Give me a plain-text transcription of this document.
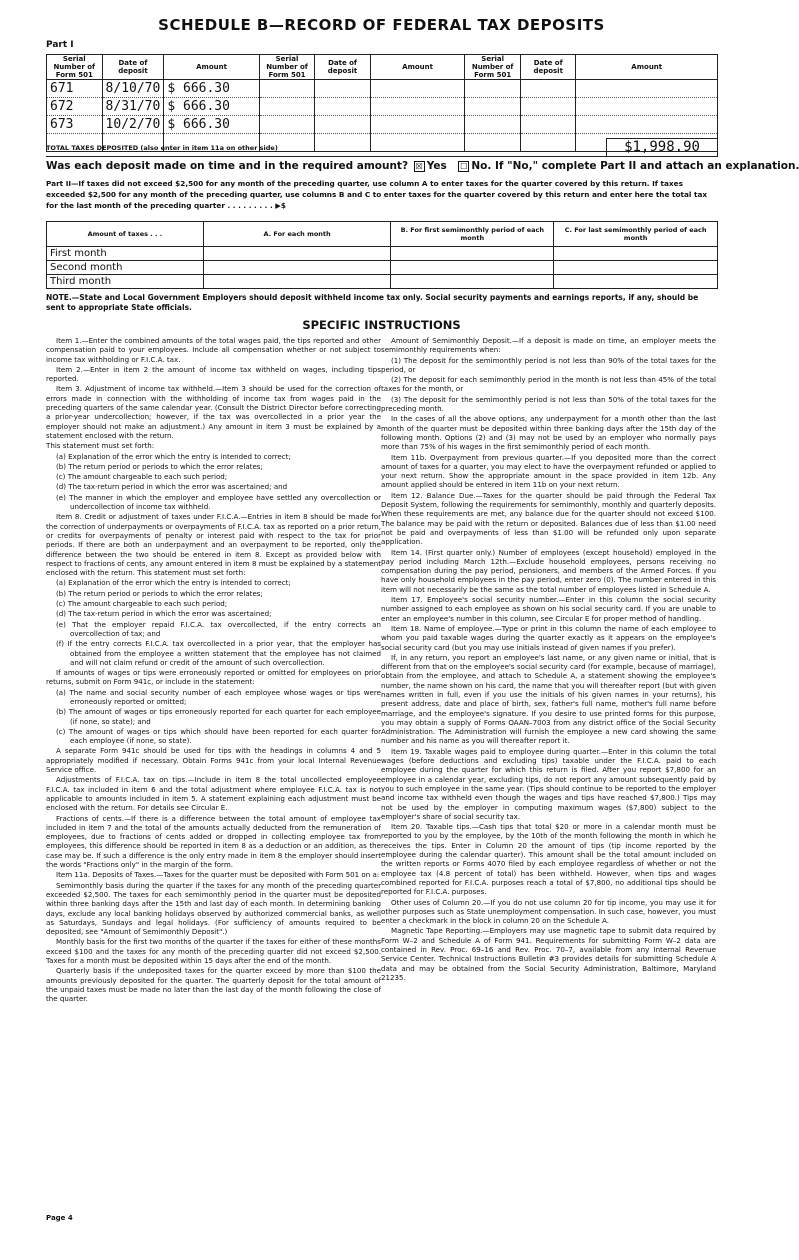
SCHEDULE B—RECORD OF FEDERAL TAX DEPOSITS
Part I
Serial Number of Form 501	Date of deposit	Amount	Serial Number of Form 501	Date of deposit	Amount	Serial Number of Form 501	Date of deposit	Amount
671	8/10/70	$ 666.30						
672	8/31/70	$ 666.30						
673	10/2/70	$ 666.30						

TOTAL TAXES DEPOSITED (also enter in item 11a on other side)	$1,998.90
Was each deposit made on time and in the required amount? ☒ Yes ☐ No. If "No," complete Part II and attach an explanation.
Part II—If taxes did not exceed $2,500 for any month of the preceding quarter, use column A to enter taxes for the quarter covered by this return. If taxes exceeded $2,500 for any month of the preceding quarter, use columns B and C to enter taxes for the quarter covered by this return and enter here the total tax for the last month of the preceding quarter . . . . . . . . . ▶$
Amount of taxes . . .	A. For each month	B. For first semimonthly period of each month	C. For last semimonthly period of each month
First month			
Second month			
Third month			
NOTE.—State and Local Government Employers should deposit withheld income tax only. Social security payments and earnings reports, if any, should be sent to appropriate State officials.
SPECIFIC INSTRUCTIONS

Item 1.—Enter the combined amounts of the total wages paid, the tips reported and other compensation paid to your employees. Include all compensation whether or not subject to income tax withholding or F.I.C.A. tax.

Item 2.—Enter in item 2 the amount of income tax withheld on wages, including tips reported.

Item 3. Adjustment of income tax withheld.—Item 3 should be used for the correction of errors made in connection with the withholding of income tax from wages paid in the preceding quarters of the same calendar year. (Consult the District Director before correcting a prior-year undercollection; however, if the tax was overcollected in a prior year the employer should not make an adjustment.) Any amount in item 3 must be explained by a statement enclosed with the return.

This statement must set forth:

(a) Explanation of the error which the entry is intended to correct;

(b) The return period or periods to which the error relates;

(c) The amount chargeable to each such period;

(d) The tax-return period in which the error was ascertained; and

(e) The manner in which the employer and employee have settled any overcollection or undercollection of income tax withheld.

Item 8. Credit or adjustment of taxes under F.I.C.A.—Entries in item 8 should be made for the correction of underpayments or overpayments of F.I.C.A. tax as reported on a prior return, or credits for overpayments of penalty or interest paid with respect to the tax for prior periods. If there are both an underpayment and an overpayment to be reported, only the difference between the two should be entered in item 8. Except as provided below with respect to fractions of cents, any amount entered in item 8 must be explained by a statement enclosed with the return. This statement must set forth:

(a) Explanation of the error which the entry is intended to correct;

(b) The return period or periods to which the error relates;

(c) The amount chargeable to each such period;

(d) The tax-return period in which the error was ascertained;

(e) That the employer repaid F.I.C.A. tax overcollected, if the entry corrects an overcollection of tax; and

(f) If the entry corrects F.I.C.A. tax overcollected in a prior year, that the employer has obtained from the employee a written statement that the employee has not claimed and will not claim refund or credit of the amount of such overcollection.

If amounts of wages or tips were erroneously reported or omitted for employees on prior returns, submit on Form 941c, or include in the statement:

(a) The name and social security number of each employee whose wages or tips were erroneously reported or omitted;

(b) The amount of wages or tips erroneously reported for each quarter for each employee (if none, so state); and

(c) The amount of wages or tips which should have been reported for each quarter for each employee (if none, so state).

A separate Form 941c should be used for tips with the headings in columns 4 and 5 appropriately modified if necessary. Obtain Forms 941c from your local Internal Revenue Service office.

Adjustments of F.I.C.A. tax on tips.—Include in item 8 the total uncollected employee F.I.C.A. tax included in item 6 and the total adjustment where employee F.I.C.A. tax is not applicable to amounts included in item 5. A statement explaining each adjustment must be enclosed with the return. For details see Circular E.

Fractions of cents.—If there is a difference between the total amount of employee tax included in item 7 and the total of the amounts actually deducted from the remuneration of employees, due to fractions of cents added or dropped in collecting employee tax from employees, this difference should be reported in item 8 as a deduction or an addition, as the case may be. If such a difference is the only entry made in item 8 the employer should insert the words "Fractions only" in the margin of the form.

Item 11a. Deposits of Taxes.—Taxes for the quarter must be deposited with Form 501 on a:

Semimonthly basis during the quarter if the taxes for any month of the preceding quarter exceeded $2,500. The taxes for each semimonthly period in the quarter must be deposited within three banking days after the 15th and last day of each month. In determining banking days, exclude any local banking holidays observed by authorized commercial banks, as well as Saturdays, Sundays and legal holidays. (For sufficiency of amounts required to be deposited, see "Amount of Semimonthly Deposit".)

Monthly basis for the first two months of the quarter if the taxes for either of these months exceed $100 and the taxes for any month of the preceding quarter did not exceed $2,500. Taxes for a month must be deposited within 15 days after the end of the month.

Quarterly basis if the undeposited taxes for the quarter exceed by more than $100 the amounts previously deposited for the quarter. The quarterly deposit for the total amount of the unpaid taxes must be made no later than the last day of the month following the close of the quarter.

Amount of Semimonthly Deposit.—If a deposit is made on time, an employer meets the semimonthly requirements when:

(1) The deposit for the semimonthly period is not less than 90% of the total taxes for the period, or

(2) The deposit for each semimonthly period in the month is not less than 45% of the total taxes for the month, or

(3) The deposit for the semimonthly period is not less than 50% of the total taxes for the preceding month.

In the cases of all the above options, any underpayment for a month other than the last month of the quarter must be deposited within three banking days after the 15th day of the following month. Options (2) and (3) may not be used by an employer who normally pays more than 75% of his wages in the first semimonthly period of each month.

Item 11b. Overpayment from previous quarter.—If you deposited more than the correct amount of taxes for a quarter, you may elect to have the overpayment refunded or applied to your next return. Show the appropriate amount in the space provided in item 12b. Any amount applied should be entered in item 11b on your next return.

Item 12. Balance Due.—Taxes for the quarter should be paid through the Federal Tax Deposit System, following the requirements for semimonthly, monthly and quarterly deposits. When these requirements are met, any balance due for the quarter should not exceed $100. The balance may be paid with the return or deposited. Balances due of less than $1.00 need not be paid and overpayments of less than $1.00 will be refunded only upon separate application.

Item 14. (First quarter only.) Number of employees (except household) employed in the pay period including March 12th.—Exclude household employees, persons receiving no compensation during the pay period, pensioners, and members of the Armed Forces. If you have only household employees in the pay period, enter zero (0). The number entered in this item will not necessarily be the same as the total number of employees listed in Schedule A.

Item 17. Employee's social security number.—Enter in this column the social security number assigned to each employee as shown on his social security card. If you are unable to enter an employee's number in this column, see Circular E for proper method of handling.

Item 18. Name of employee.—Type or print in this column the name of each employee to whom you paid taxable wages during the quarter exactly as it appears on the employee's social security card (but you may use initials instead of given names if you prefer).

If, in any return, you report an employee's last name, or any given name or initial, that is different from that on the employee's social security card (for example, because of marriage), obtain from the employee, and attach to Schedule A, a statement showing the employee's number, the name shown on his card, the name that you will thereafter report (but with given names written in full, even if you use the initials of his given names in your returns), his present address, date and place of birth, sex, father's full name, mother's full name before marriage, and the employee's signature. If you desire to use printed forms for this purpose, you may obtain a supply of Forms OAAN–7003 from any district office of the Social Security Administration. The Administration will furnish the employee a new card showing the same number and his name as you will thereafter report it.

Item 19. Taxable wages paid to employee during quarter.—Enter in this column the total wages (before deductions and excluding tips) taxable under the F.I.C.A. paid to each employee during the quarter for which this return is filed. After you report $7,800 for an employee in a calendar year, excluding tips, do not report any amount subsequently paid by you to such employee in the same year. (Tips should continue to be reported to the employer and income tax withheld even though the wages and tips have reached $7,800.) Tips may not be used by the employer in computing maximum wages ($7,800) subject to the employer's share of social security tax.

Item 20. Taxable tips.—Cash tips that total $20 or more in a calendar month must be reported to you by the employee, by the 10th of the month following the month in which he receives the tips. Enter in Column 20 the amount of tips (tip income reported by the employee during the calendar quarter). This amount shall be the total amount included on the written reports or Forms 4070 filed by each employee regardless of whether or not the employee tax (4.8 percent of total) has been withheld. However, when tips and wages combined reported for F.I.C.A. purposes reach a total of $7,800, no additional tips should be reported for F.I.C.A. purposes.

Other uses of Column 20.—If you do not use column 20 for tip income, you may use it for other purposes such as State unemployment compensation. In such case, however, you must enter a checkmark in the block in column 20 on the Schedule A.

Magnetic Tape Reporting.—Employers may use magnetic tape to submit data required by Form W–2 and Schedule A of Form 941. Requirements for submitting Form W–2 data are contained in Rev. Proc. 69–16 and Rev. Proc. 70–7, available from any Internal Revenue Service Center. Technical Instructions Bulletin #3 provides details for submitting Schedule A data and may be obtained from the Social Security Administration, Baltimore, Maryland 21235.

Page 4
